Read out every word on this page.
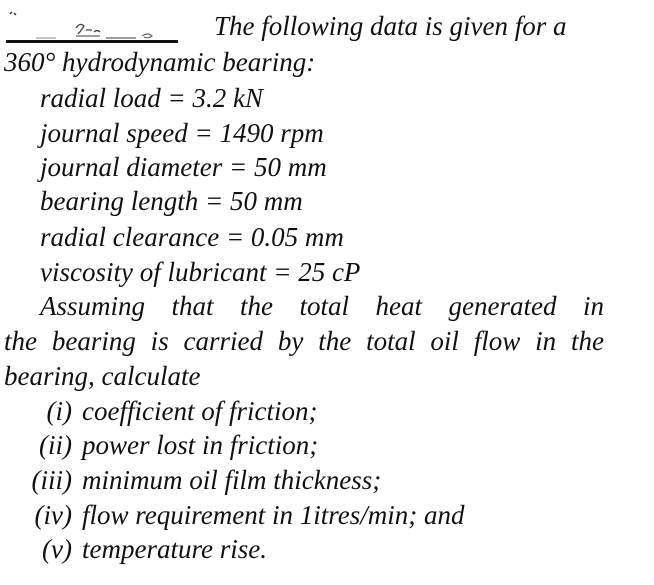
The following data is given for a
360° hydrodynamic bearing:
radial load = 3.2 kN
journal speed = 1490 rpm
journal diameter = 50 mm
bearing length = 50 mm
radial clearance = 0.05 mm
viscosity of lubricant = 25 cP
Assuming that the total heat generated in
the bearing is carried by the total oil flow in the
bearing, calculate
(i) coefficient of friction;
(ii) power lost in friction;
(iii) minimum oil film thickness;
(iv) flow requirement in 1itres/min; and
(v) temperature rise.
